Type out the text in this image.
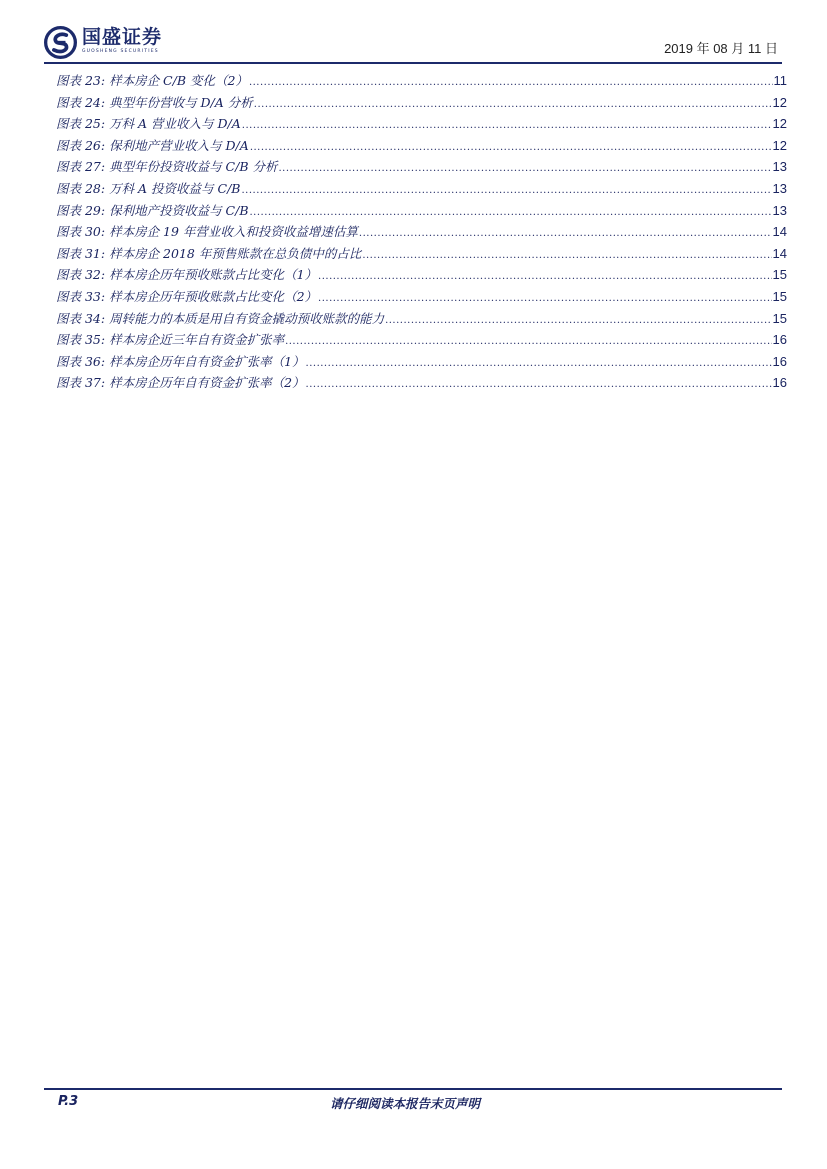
国盛证券
GUOSHENG SECURITIES	2019 年 08 月 11 日
图表 23: 样本房企 C/B 变化（2） .....	11
图表 24: 典型年份营收与 D/A 分析 .....	12
图表 25: 万科 A 营业收入与 D/A .....	12
图表 26: 保利地产营业收入与 D/A .....	12
图表 27: 典型年份投资收益与 C/B 分析 .....	13
图表 28: 万科 A 投资收益与 C/B .....	13
图表 29: 保利地产投资收益与 C/B .....	13
图表 30: 样本房企 19 年营业收入和投资收益增速估算 .....	14
图表 31: 样本房企 2018 年预售账款在总负债中的占比 .....	14
图表 32: 样本房企历年预收账款占比变化（1） .....	15
图表 33: 样本房企历年预收账款占比变化（2） .....	15
图表 34: 周转能力的本质是用自有资金撬动预收账款的能力 .....	15
图表 35: 样本房企近三年自有资金扩张率 .....	16
图表 36: 样本房企历年自有资金扩张率（1） .....	16
图表 37: 样本房企历年自有资金扩张率（2） .....	16
P.3	请仔细阅读本报告末页声明
